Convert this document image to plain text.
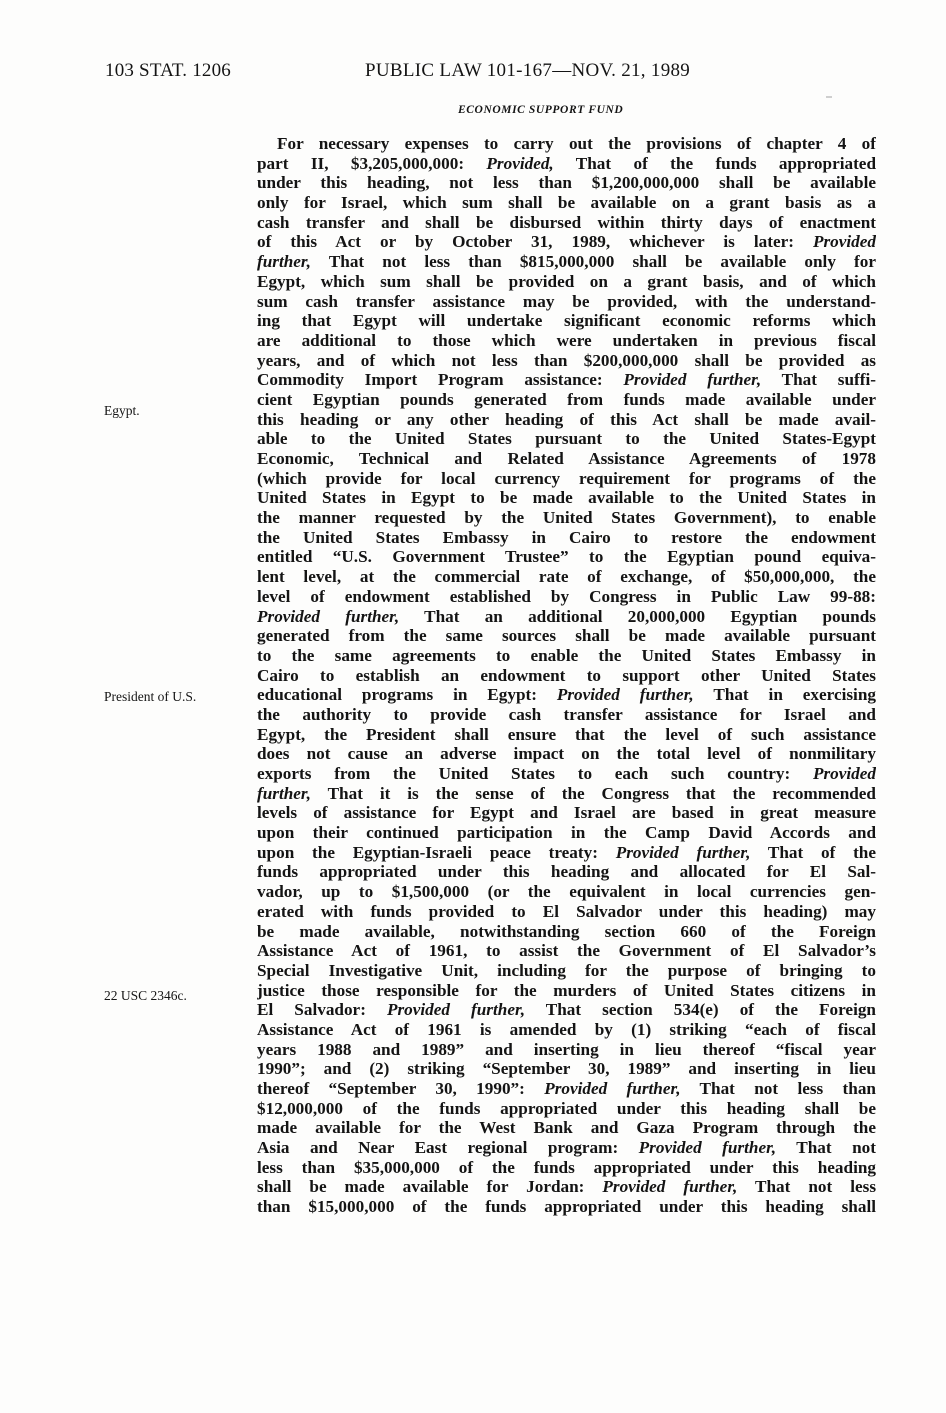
103 STAT. 1206	PUBLIC LAW 101-167—NOV. 21, 1989
ECONOMIC SUPPORT FUND
Egypt.
President of U.S.
22 USC 2346c.
For necessary expenses to carry out the provisions of chapter 4 of
part II, $3,205,000,000: Provided, That of the funds appropriated
under this heading, not less than $1,200,000,000 shall be available
only for Israel, which sum shall be available on a grant basis as a
cash transfer and shall be disbursed within thirty days of enactment
of this Act or by October 31, 1989, whichever is later: Provided
further, That not less than $815,000,000 shall be available only for
Egypt, which sum shall be provided on a grant basis, and of which
sum cash transfer assistance may be provided, with the understand-
ing that Egypt will undertake significant economic reforms which
are additional to those which were undertaken in previous fiscal
years, and of which not less than $200,000,000 shall be provided as
Commodity Import Program assistance: Provided further, That suffi-
cient Egyptian pounds generated from funds made available under
this heading or any other heading of this Act shall be made avail-
able to the United States pursuant to the United States-Egypt
Economic, Technical and Related Assistance Agreements of 1978
(which provide for local currency requirement for programs of the
United States in Egypt to be made available to the United States in
the manner requested by the United States Government), to enable
the United States Embassy in Cairo to restore the endowment
entitled “U.S. Government Trustee” to the Egyptian pound equiva-
lent level, at the commercial rate of exchange, of $50,000,000, the
level of endowment established by Congress in Public Law 99-88:
Provided further, That an additional 20,000,000 Egyptian pounds
generated from the same sources shall be made available pursuant
to the same agreements to enable the United States Embassy in
Cairo to establish an endowment to support other United States
educational programs in Egypt: Provided further, That in exercising
the authority to provide cash transfer assistance for Israel and
Egypt, the President shall ensure that the level of such assistance
does not cause an adverse impact on the total level of nonmilitary
exports from the United States to each such country: Provided
further, That it is the sense of the Congress that the recommended
levels of assistance for Egypt and Israel are based in great measure
upon their continued participation in the Camp David Accords and
upon the Egyptian-Israeli peace treaty: Provided further, That of the
funds appropriated under this heading and allocated for El Sal-
vador, up to $1,500,000 (or the equivalent in local currencies gen-
erated with funds provided to El Salvador under this heading) may
be made available, notwithstanding section 660 of the Foreign
Assistance Act of 1961, to assist the Government of El Salvador’s
Special Investigative Unit, including for the purpose of bringing to
justice those responsible for the murders of United States citizens in
El Salvador: Provided further, That section 534(e) of the Foreign
Assistance Act of 1961 is amended by (1) striking “each of fiscal
years 1988 and 1989” and inserting in lieu thereof “fiscal year
1990”; and (2) striking “September 30, 1989” and inserting in lieu
thereof “September 30, 1990”: Provided further, That not less than
$12,000,000 of the funds appropriated under this heading shall be
made available for the West Bank and Gaza Program through the
Asia and Near East regional program: Provided further, That not
less than $35,000,000 of the funds appropriated under this heading
shall be made available for Jordan: Provided further, That not less
than $15,000,000 of the funds appropriated under this heading shall
